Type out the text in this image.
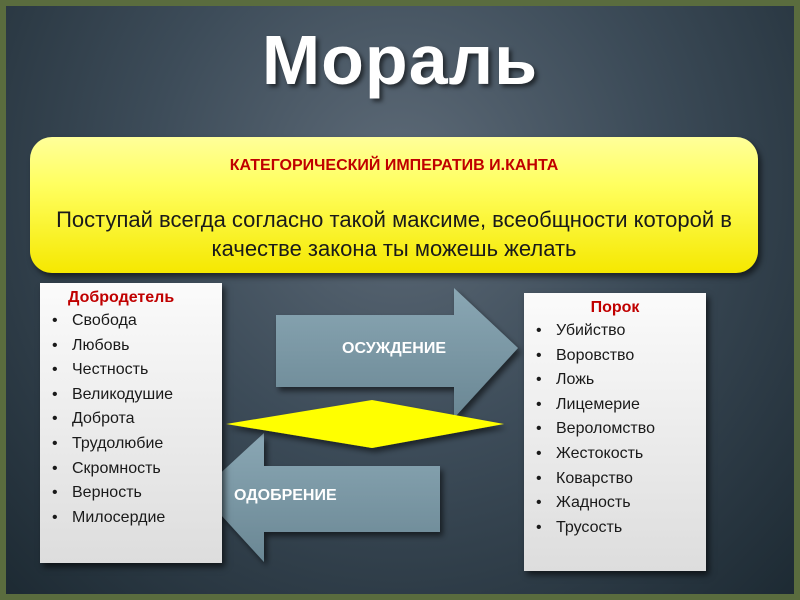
Мораль
КАТЕГОРИЧЕСКИЙ ИМПЕРАТИВ И.КАНТА
Поступай всегда согласно такой максиме, всеобщности которой в качестве закона ты можешь желать
ОСУЖДЕНИЕ
ОДОБРЕНИЕ
Добродетель
• Свобода
• Любовь
• Честность
• Великодушие
• Доброта
• Трудолюбие
• Скромность
• Верность
• Милосердие
Порок
• Убийство
• Воровство
• Ложь
• Лицемерие
• Вероломство
• Жестокость
• Коварство
• Жадность
• Трусость
